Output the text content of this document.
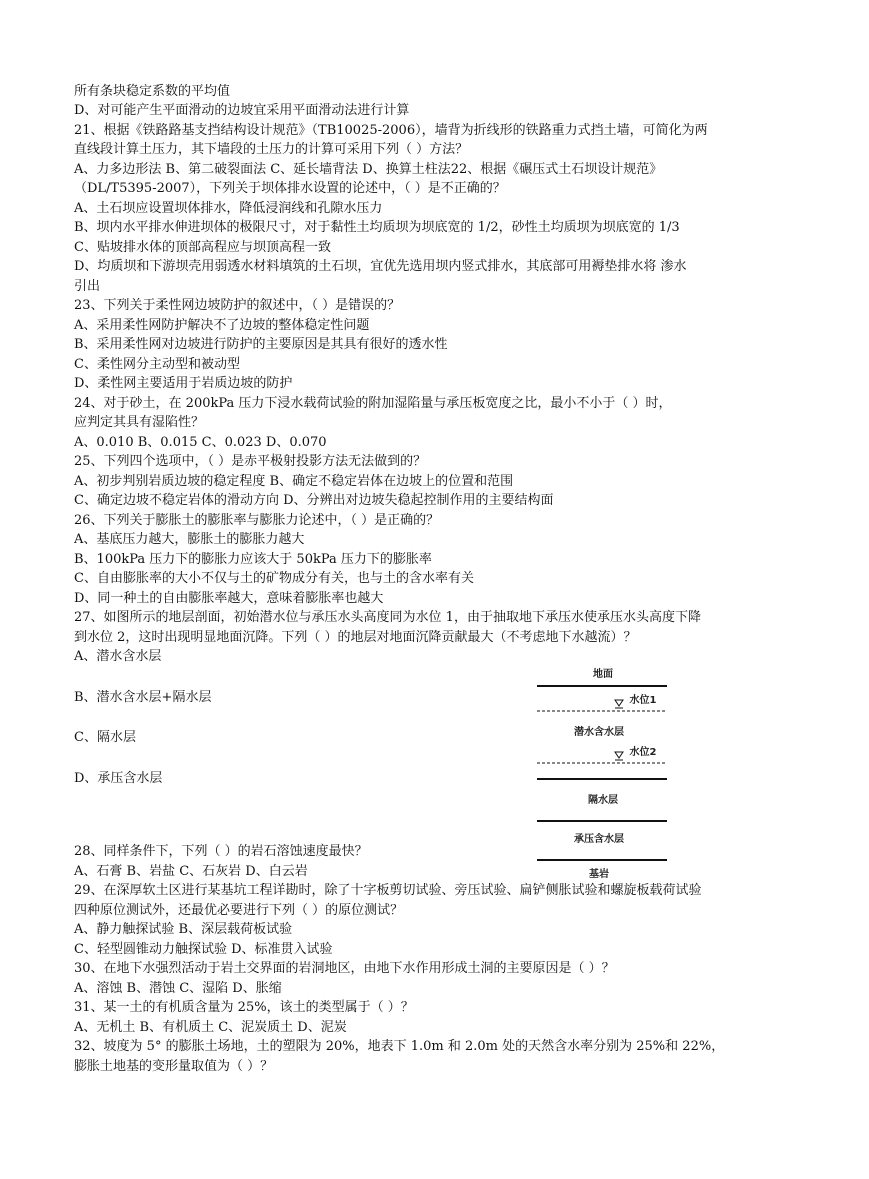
所有条块稳定系数的平均值
D、对可能产生平面滑动的边坡宜采用平面滑动法进行计算
21、根据《铁路路基支挡结构设计规范》（TB10025-2006），墙背为折线形的铁路重力式挡土墙，可简化为两
直线段计算土压力，其下墙段的土压力的计算可采用下列（ ）方法？
A、力多边形法 B、第二破裂面法 C、延长墙背法 D、换算土柱法22、根据《碾压式土石坝设计规范》
（DL/T5395-2007），下列关于坝体排水设置的论述中，（ ）是不正确的？
A、土石坝应设置坝体排水，降低浸润线和孔隙水压力
B、坝内水平排水伸进坝体的极限尺寸，对于黏性土均质坝为坝底宽的 1/2，砂性土均质坝为坝底宽的 1/3
C、贴坡排水体的顶部高程应与坝顶高程一致
D、均质坝和下游坝壳用弱透水材料填筑的土石坝，宜优先选用坝内竖式排水，其底部可用褥垫排水将 渗水
引出
23、下列关于柔性网边坡防护的叙述中，（ ）是错误的？
A、采用柔性网防护解决不了边坡的整体稳定性问题
B、采用柔性网对边坡进行防护的主要原因是其具有很好的透水性
C、柔性网分主动型和被动型
D、柔性网主要适用于岩质边坡的防护
24、对于砂土，在 200kPa 压力下浸水载荷试验的附加湿陷量与承压板宽度之比，最小不小于（ ）时，
应判定其具有湿陷性？
A、0.010 B、0.015 C、0.023 D、0.070
25、下列四个选项中，（ ）是赤平极射投影方法无法做到的？
A、初步判别岩质边坡的稳定程度 B、确定不稳定岩体在边坡上的位置和范围
C、确定边坡不稳定岩体的滑动方向 D、分辨出对边坡失稳起控制作用的主要结构面
26、下列关于膨胀土的膨胀率与膨胀力论述中，（ ）是正确的？
A、基底压力越大，膨胀土的膨胀力越大
B、100kPa 压力下的膨胀力应该大于 50kPa 压力下的膨胀率
C、自由膨胀率的大小不仅与土的矿物成分有关，也与土的含水率有关
D、同一种土的自由膨胀率越大，意味着膨胀率也越大
27、如图所示的地层剖面，初始潜水位与承压水头高度同为水位 1，由于抽取地下承压水使承压水头高度下降
到水位 2，这时出现明显地面沉降。下列（ ）的地层对地面沉降贡献最大（不考虑地下水越流）？
A、潜水含水层
B、潜水含水层+隔水层
C、隔水层
D、承压含水层
28、同样条件下，下列（ ）的岩石溶蚀速度最快？
A、石膏 B、岩盐 C、石灰岩 D、白云岩
29、在深厚软土区进行某基坑工程详勘时，除了十字板剪切试验、旁压试验、扁铲侧胀试验和螺旋板载荷试验
四种原位测试外，还最优必要进行下列（ ）的原位测试？
A、静力触探试验 B、深层载荷板试验
C、轻型圆锥动力触探试验 D、标准贯入试验
30、在地下水强烈活动于岩土交界面的岩洞地区，由地下水作用形成土洞的主要原因是（ ）？
A、溶蚀 B、潜蚀 C、湿陷 D、胀缩
31、某一土的有机质含量为 25%，该土的类型属于（ ）？
A、无机土 B、有机质土 C、泥炭质土 D、泥炭
32、坡度为 5° 的膨胀土场地，土的塑限为 20%，地表下 1.0m 和 2.0m 处的天然含水率分别为 25%和 22%，
膨胀土地基的变形量取值为（ ）？
地面
水位1
潜水含水层
水位2
隔水层
承压含水层
基岩
